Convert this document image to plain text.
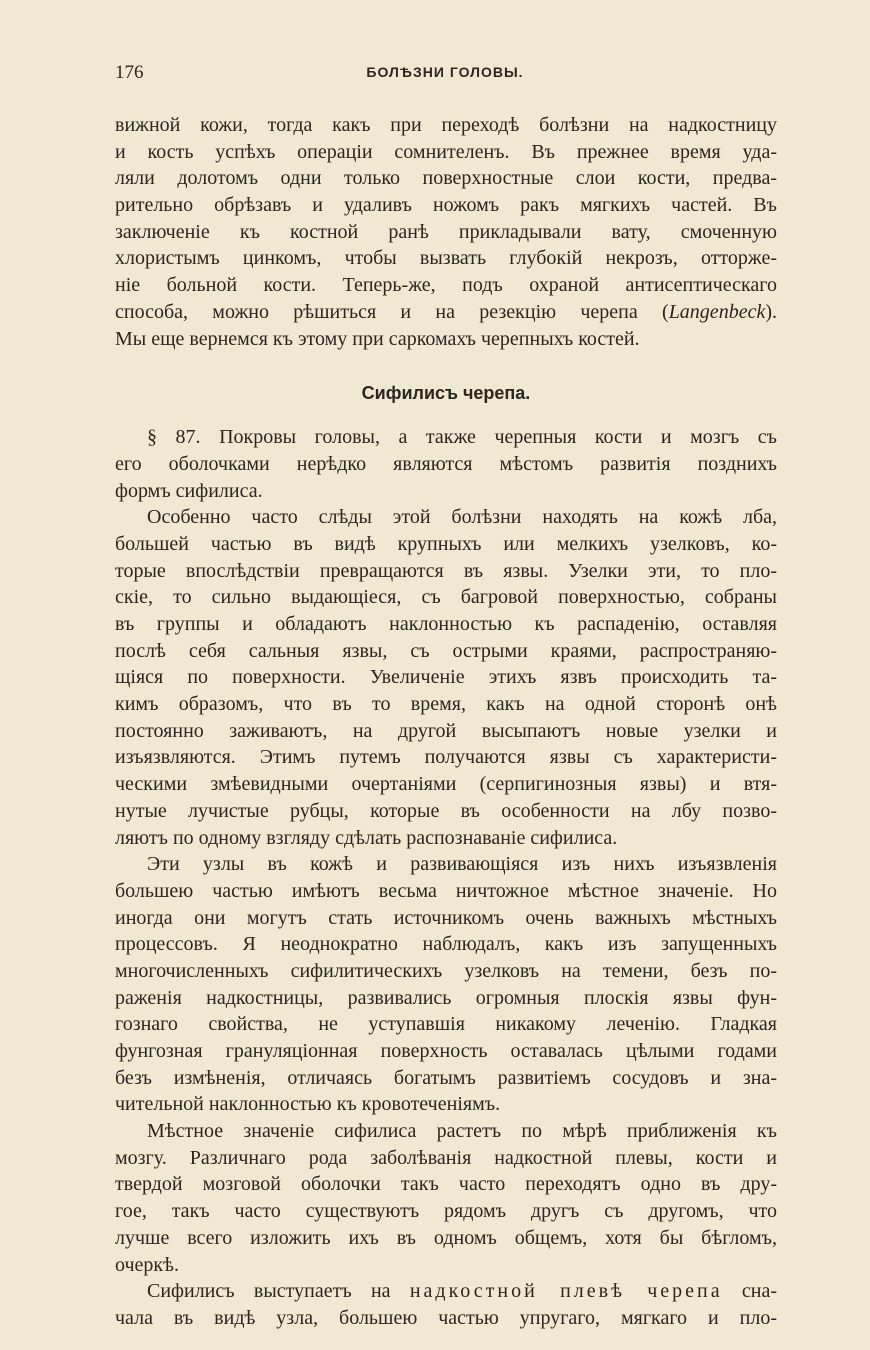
176	БОЛѢЗНИ ГОЛОВЫ.
вижной кожи, тогда какъ при переходѣ болѣзни на надкостницу
и кость успѣхъ операціи сомнителенъ. Въ прежнее время уда-
ляли долотомъ одни только поверхностные слои кости, предва-
рительно обрѣзавъ и удаливъ ножомъ ракъ мягкихъ частей. Въ
заключеніе къ костной ранѣ прикладывали вату, смоченную
хлористымъ цинкомъ, чтобы вызвать глубокій некрозъ, отторже-
ніе больной кости. Теперь-же, подъ охраной антисептическаго
способа, можно рѣшиться и на резекцію черепа (Langenbeck).
Мы еще вернемся къ этому при саркомахъ черепныхъ костей.
Сифилисъ черепа.
§ 87. Покровы головы, а также черепныя кости и мозгъ съ
его оболочками нерѣдко являются мѣстомъ развитія позднихъ
формъ сифилиса.
Особенно часто слѣды этой болѣзни находять на кожѣ лба,
большей частью въ видѣ крупныхъ или мелкихъ узелковъ, ко-
торые впослѣдствіи превращаются въ язвы. Узелки эти, то пло-
скіе, то сильно выдающіеся, съ багровой поверхностью, собраны
въ группы и обладаютъ наклонностью къ распаденію, оставляя
послѣ себя сальныя язвы, съ острыми краями, распространяю-
щіяся по поверхности. Увеличеніе этихъ язвъ происходить та-
кимъ образомъ, что въ то время, какъ на одной сторонѣ онѣ
постоянно заживаютъ, на другой высыпаютъ новые узелки и
изъязвляются. Этимъ путемъ получаются язвы съ характеристи-
ческими змѣевидными очертаніями (серпигинозныя язвы) и втя-
нутые лучистые рубцы, которые въ особенности на лбу позво-
ляютъ по одному взгляду сдѣлать распознаваніе сифилиса.
Эти узлы въ кожѣ и развивающіяся изъ нихъ изъязвленія
большею частью имѣютъ весьма ничтожное мѣстное значеніе. Но
иногда они могутъ стать источникомъ очень важныхъ мѣстныхъ
процессовъ. Я неоднократно наблюдалъ, какъ изъ запущенныхъ
многочисленныхъ сифилитическихъ узелковъ на темени, безъ по-
раженія надкостницы, развивались огромныя плоскія язвы фун-
гознаго свойства, не уступавшія никакому леченію. Гладкая
фунгозная грануляціонная поверхность оставалась цѣлыми годами
безъ измѣненія, отличаясь богатымъ развитіемъ сосудовъ и зна-
чительной наклонностью къ кровотеченіямъ.
Мѣстное значеніе сифилиса растетъ по мѣрѣ приближенія къ
мозгу. Различнаго рода заболѣванія надкостной плевы, кости и
твердой мозговой оболочки такъ часто переходятъ одно въ дру-
гое, такъ часто существуютъ рядомъ другъ съ другомъ, что
лучше всего изложить ихъ въ одномъ общемъ, хотя бы бѣгломъ,
очеркѣ.
Сифилисъ выступаетъ на надкостной плевѣ черепа сна-
чала въ видѣ узла, большею частью упругаго, мягкаго и пло-
